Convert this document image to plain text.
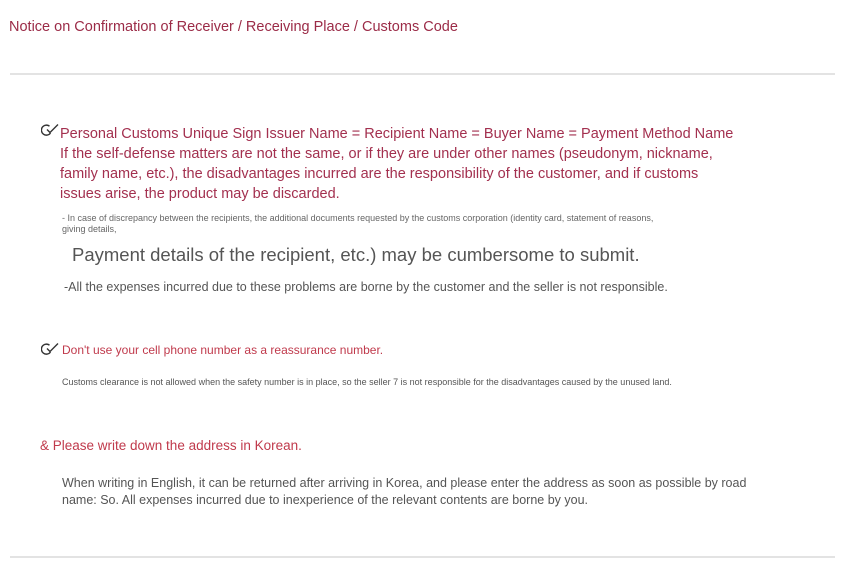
Notice on Confirmation of Receiver / Receiving Place / Customs Code
Personal Customs Unique Sign Issuer Name = Recipient Name = Buyer Name = Payment Method Name If the self-defense matters are not the same, or if they are under other names (pseudonym, nickname, family name, etc.), the disadvantages incurred are the responsibility of the customer, and if customs issues arise, the product may be discarded.
- In case of discrepancy between the recipients, the additional documents requested by the customs corporation (identity card, statement of reasons, giving details,
Payment details of the recipient, etc.) may be cumbersome to submit.
-All the expenses incurred due to these problems are borne by the customer and the seller is not responsible.
Don't use your cell phone number as a reassurance number.
Customs clearance is not allowed when the safety number is in place, so the seller 7 is not responsible for the disadvantages caused by the unused land.
& Please write down the address in Korean.
When writing in English, it can be returned after arriving in Korea, and please enter the address as soon as possible by road name: So. All expenses incurred due to inexperience of the relevant contents are borne by you.
